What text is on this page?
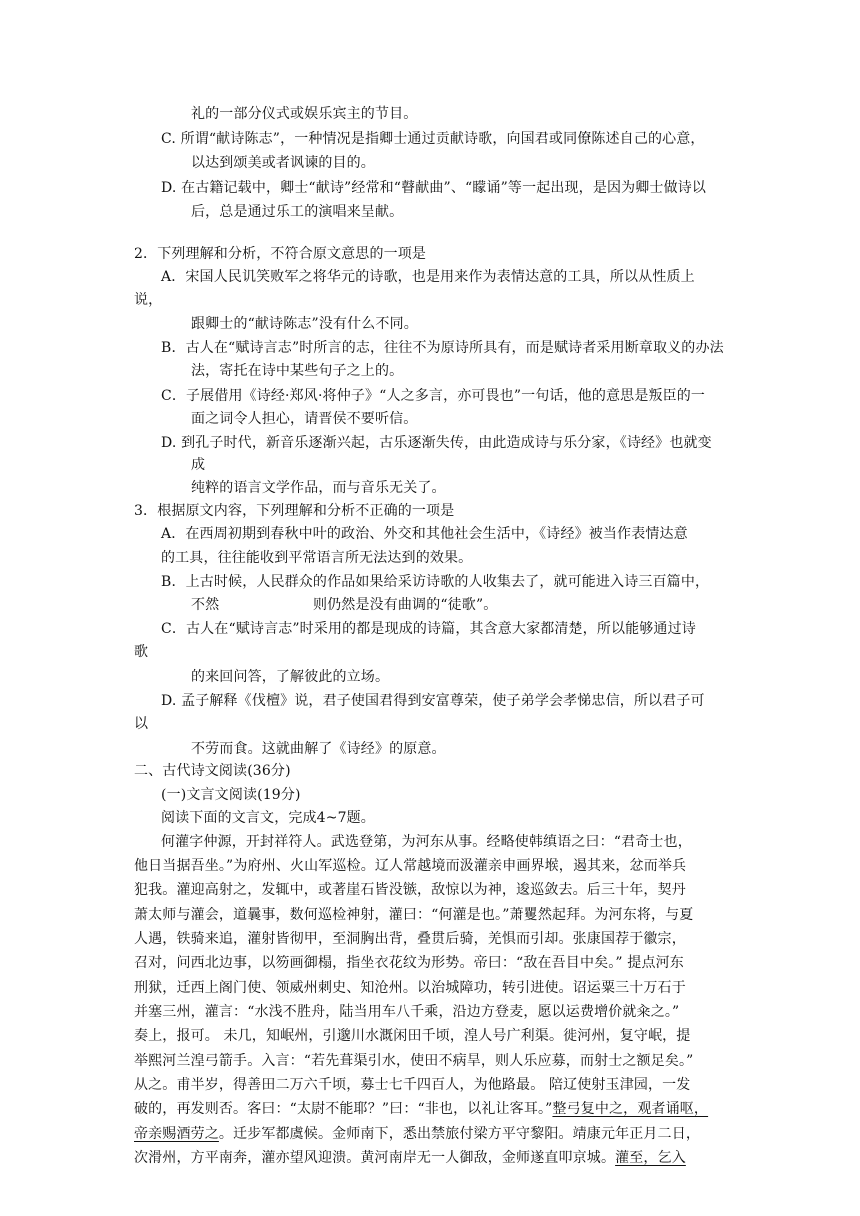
礼的一部分仪式或娱乐宾主的节目。
C. 所谓“献诗陈志”，一种情况是指卿士通过贡献诗歌，向国君或同僚陈述自己的心意，
以达到颂美或者讽谏的目的。
D. 在古籍记载中，卿士“献诗”经常和“瞽献曲”、“矇诵”等一起出现，是因为卿士做诗以
后，总是通过乐工的演唱来呈献。
2．下列理解和分析，不符合原文意思的一项是
A．宋国人民讥笑败军之将华元的诗歌，也是用来作为表情达意的工具，所以从性质上
说，
跟卿士的“献诗陈志”没有什么不同。
B．古人在“赋诗言志”时所言的志，往往不为原诗所具有，而是赋诗者采用断章取义的办法
法，寄托在诗中某些句子之上的。
C．子展借用《诗经·郑风·将仲子》“人之多言，亦可畏也”一句话，他的意思是叛臣的一
面之词令人担心，请晋侯不要听信。
D. 到孔子时代，新音乐逐渐兴起，古乐逐渐失传，由此造成诗与乐分家，《诗经》也就变
成
纯粹的语言文学作品，而与音乐无关了。
3．根据原文内容，下列理解和分析不正确的一项是
A．在西周初期到春秋中叶的政治、外交和其他社会生活中，《诗经》被当作表情达意
的工具，往往能收到平常语言所无法达到的效果。
B．上古时候，人民群众的作品如果给采访诗歌的人收集去了，就可能进入诗三百篇中，
不然	则仍然是没有曲调的“徒歌”。
C．古人在“赋诗言志”时采用的都是现成的诗篇，其含意大家都清楚，所以能够通过诗
歌
的来回问答，了解彼此的立场。
D. 孟子解释《伐檀》说，君子使国君得到安富尊荣，使子弟学会孝悌忠信，所以君子可
以
不劳而食。这就曲解了《诗经》的原意。
二、古代诗文阅读(36分)
(一)文言文阅读(19分)
阅读下面的文言文，完成4~7题。
何灌字仲源，开封祥符人。武选登第，为河东从事。经略使韩缜语之曰：“君奇士也，
他日当据吾坐。”为府州、火山军巡检。辽人常越境而汲灌亲申画界堠，遏其来，忿而举兵
犯我。灌迎高射之，发辄中，或著崖石皆没镞，敌惊以为神，逡巡敛去。后三十年，契丹
萧太师与灌会，道曩事，数何巡检神射，灌曰：“何灌是也。”萧矍然起拜。为河东将，与夏
人遇，铁骑来追，灌射皆彻甲，至洞胸出背，叠贯后骑，羌惧而引却。张康国荐于徽宗，
召对，问西北边事，以笏画御榻，指坐衣花纹为形势。帝曰：“敌在吾目中矣。” 提点河东
刑狱，迁西上阁门使、领威州刺史、知沧州。以治城障功，转引进使。诏运粟三十万石于
并塞三州，灌言：“水浅不胜舟，陆当用车八千乘，沿边方登麦，愿以运费增价就籴之。”
奏上，报可。 未几，知岷州，引邈川水溉闲田千顷，湟人号广利渠。徙河州，复守岷，提
举熙河兰湟弓箭手。入言：“若先葺渠引水，使田不病旱，则人乐应募，而射士之额足矣。”
从之。甫半岁，得善田二万六千顷，募士七千四百人，为他路最。 陪辽使射玉津园，一发
破的，再发则否。客曰：“太尉不能耶？”曰：“非也，以礼让客耳。”整弓复中之，观者诵呕，
帝亲赐酒劳之。迁步军都虞候。金师南下，悉出禁旅付梁方平守黎阳。靖康元年正月二日，
次滑州，方平南奔，灌亦望风迎溃。黄河南岸无一人御敌，金师遂直叩京城。灌至，乞入
